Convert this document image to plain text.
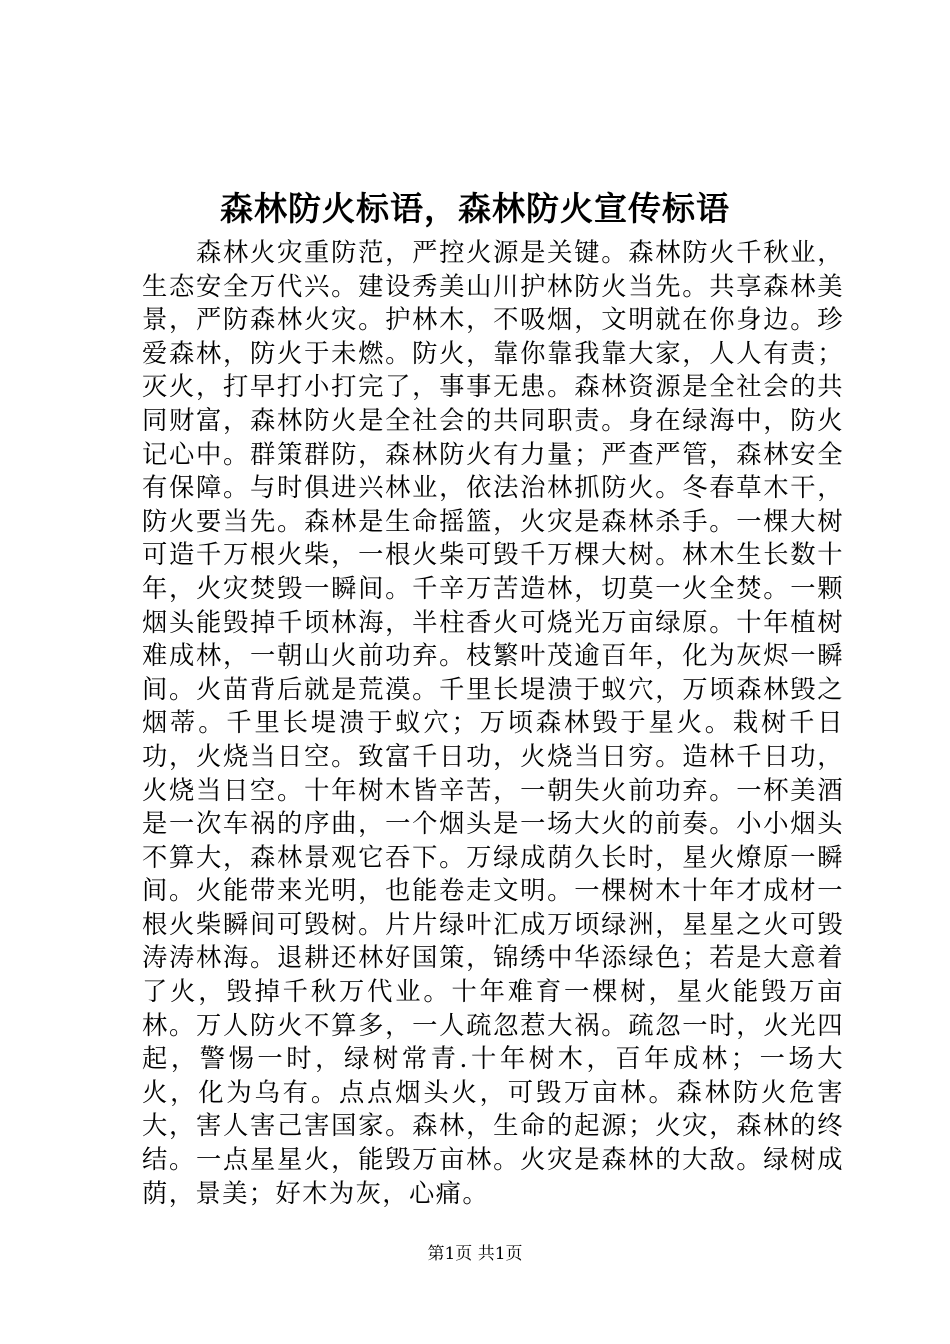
森林防火标语，森林防火宣传标语

森林火灾重防范，严控火源是关键。森林防火千秋业，生态安全万代兴。建设秀美山川护林防火当先。共享森林美景，严防森林火灾。护林木，不吸烟，文明就在你身边。珍爱森林，防火于未燃。防火，靠你靠我靠大家，人人有责；灭火，打早打小打完了，事事无患。森林资源是全社会的共同财富，森林防火是全社会的共同职责。身在绿海中，防火记心中。群策群防，森林防火有力量；严查严管，森林安全有保障。与时俱进兴林业，依法治林抓防火。冬春草木干，防火要当先。森林是生命摇篮，火灾是森林杀手。一棵大树可造千万根火柴，一根火柴可毁千万棵大树。林木生长数十年，火灾焚毁一瞬间。千辛万苦造林，切莫一火全焚。一颗烟头能毁掉千顷林海，半柱香火可烧光万亩绿原。十年植树难成林，一朝山火前功弃。枝繁叶茂逾百年，化为灰烬一瞬间。火苗背后就是荒漠。千里长堤溃于蚁穴，万顷森林毁之烟蒂。千里长堤溃于蚁穴；万顷森林毁于星火。栽树千日功，火烧当日空。致富千日功，火烧当日穷。造林千日功，火烧当日空。十年树木皆辛苦，一朝失火前功弃。一杯美酒是一次车祸的序曲，一个烟头是一场大火的前奏。小小烟头不算大，森林景观它吞下。万绿成荫久长时，星火燎原一瞬间。火能带来光明，也能卷走文明。一棵树木十年才成材一根火柴瞬间可毁树。片片绿叶汇成万顷绿洲，星星之火可毁涛涛林海。退耕还林好国策，锦绣中华添绿色；若是大意着了火，毁掉千秋万代业。十年难育一棵树，星火能毁万亩林。万人防火不算多，一人疏忽惹大祸。疏忽一时，火光四起，警惕一时，绿树常青.十年树木，百年成林；一场大火，化为乌有。点点烟头火，可毁万亩林。森林防火危害大，害人害己害国家。森林，生命的起源；火灾，森林的终结。一点星星火，能毁万亩林。火灾是森林的大敌。绿树成荫，景美；好木为灰，心痛。

第1页 共1页
